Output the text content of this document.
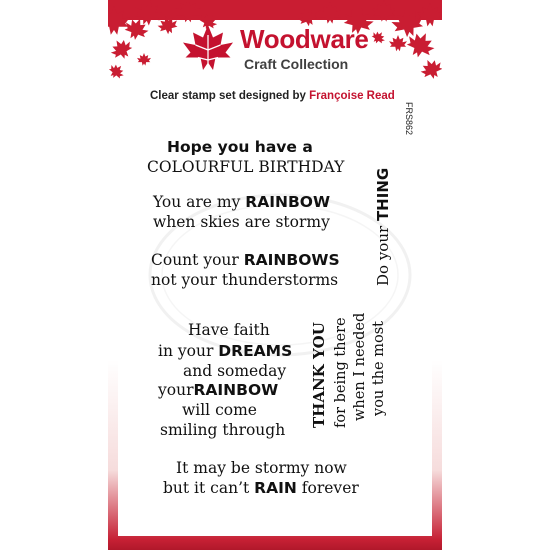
Woodware
Craft Collection
Clear stamp set designed by Françoise Read
FRS862
Hope you have a
COLOURFUL BIRTHDAY
You are my RAINBOW
when skies are stormy
Count your RAINBOWS
not your thunderstorms
Have faith
in your DREAMS
and someday
yourRAINBOW
will come
smiling through
It may be stormy now
but it can’t RAIN forever
Do your THING
THANK YOU for being there when I needed you the most
